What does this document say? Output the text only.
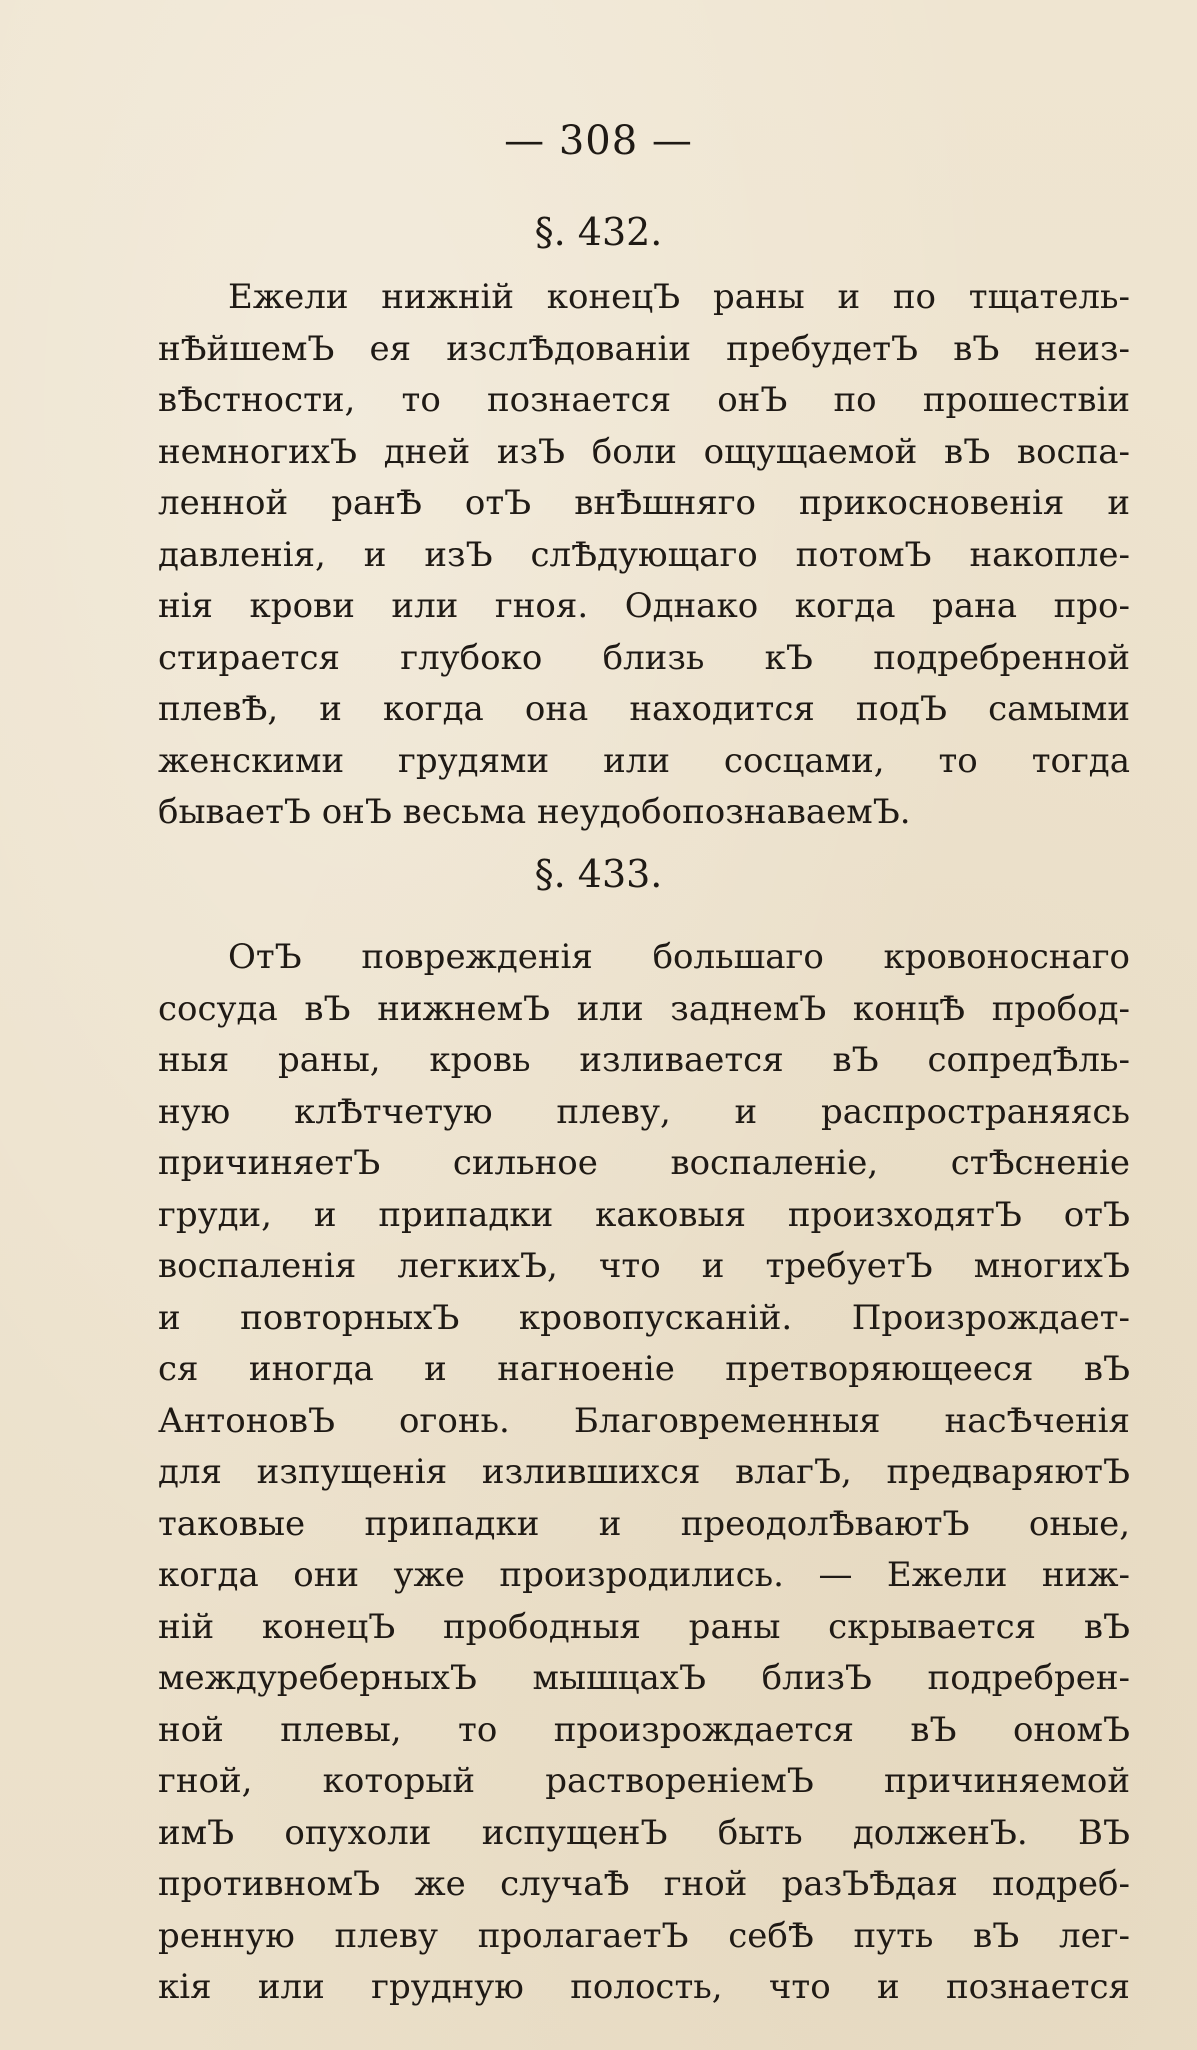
— 308 —
§. 432.
Ежели нижній конецЪ раны и по тщатель-
нѢйшемЪ ея изслѢдованіи пребудетЪ вЪ неиз-
вѢстности, то познается онЪ по прошествіи
немногихЪ дней изЪ боли ощущаемой вЪ воспа-
ленной ранѢ отЪ внѢшняго прикосновенія и
давленія, и изЪ слѢдующаго потомЪ накопле-
нія крови или гноя. Однако когда рана про-
стирается глубоко близь кЪ подребренной
плевѢ, и когда она находится подЪ самыми
женскими грудями или сосцами, то тогда
бываетЪ онЪ весьма неудобопознаваемЪ.
§. 433.
ОтЪ поврежденія большаго кровоноснаго
сосуда вЪ нижнемЪ или заднемЪ концѢ пробод-
ныя раны, кровь изливается вЪ сопредѢль-
ную клѢтчетую плеву, и распространяясь
причиняетЪ сильное воспаленіе, стѢсненіе
груди, и припадки каковыя произходятЪ отЪ
воспаленія легкихЪ, что и требуетЪ многихЪ
и повторныхЪ кровопусканій. Произрождает-
ся иногда и нагноеніе претворяющееся вЪ
АнтоновЪ огонь. Благовременныя насѢченія
для изпущенія излившихся влагЪ, предваряютЪ
таковые припадки и преодолѢваютЪ оные,
когда они уже произродились. — Ежели ниж-
ній конецЪ прободныя раны скрывается вЪ
междуреберныхЪ мышцахЪ близЪ подребрен-
ной плевы, то произрождается вЪ ономЪ
гной, который раствореніемЪ причиняемой
имЪ опухоли испущенЪ быть долженЪ. ВЪ
противномЪ же случаѢ гной разЪѢдая подреб-
ренную плеву пролагаетЪ себѢ путь вЪ лег-
кія или грудную полость, что и познается
